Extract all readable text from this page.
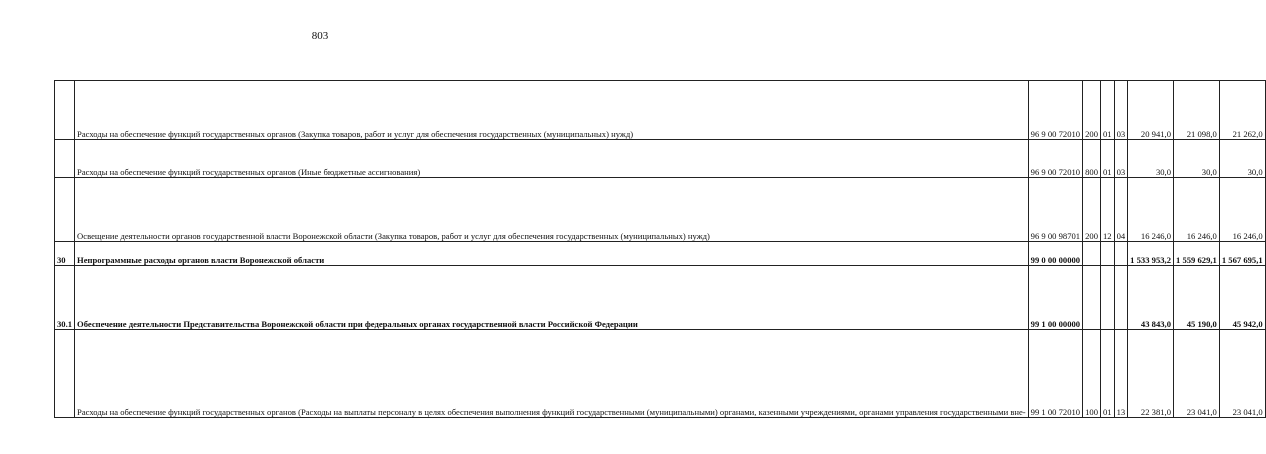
803
	Расходы на обеспечение функций государственных органов (Закупка товаров, работ и услуг для обеспечения государственных (муниципальных) нужд)	96 9 00 72010	200	01	03	20 941,0	21 098,0	21 262,0
	Расходы на обеспечение функций государственных органов (Иные бюджетные ассигнования)	96 9 00 72010	800	01	03	30,0	30,0	30,0
	Освещение деятельности органов государственной власти Воронежской области (Закупка товаров, работ и услуг для обеспечения государственных (муниципальных) нужд)	96 9 00 98701	200	12	04	16 246,0	16 246,0	16 246,0
30	Непрограммные расходы органов власти Воронежской области	99 0 00 00000				1 533 953,2	1 559 629,1	1 567 695,1
30.1	Обеспечение деятельности Представительства Воронежской области при федеральных органах государственной власти Российской Федерации	99 1 00 00000				43 843,0	45 190,0	45 942,0
	Расходы на обеспечение функций государственных органов (Расходы на выплаты персоналу в целях обеспечения выполнения функций государственными (муниципальными) органами, казенными учреждениями, органами управления государственными вне-	99 1 00 72010	100	01	13	22 381,0	23 041,0	23 041,0
